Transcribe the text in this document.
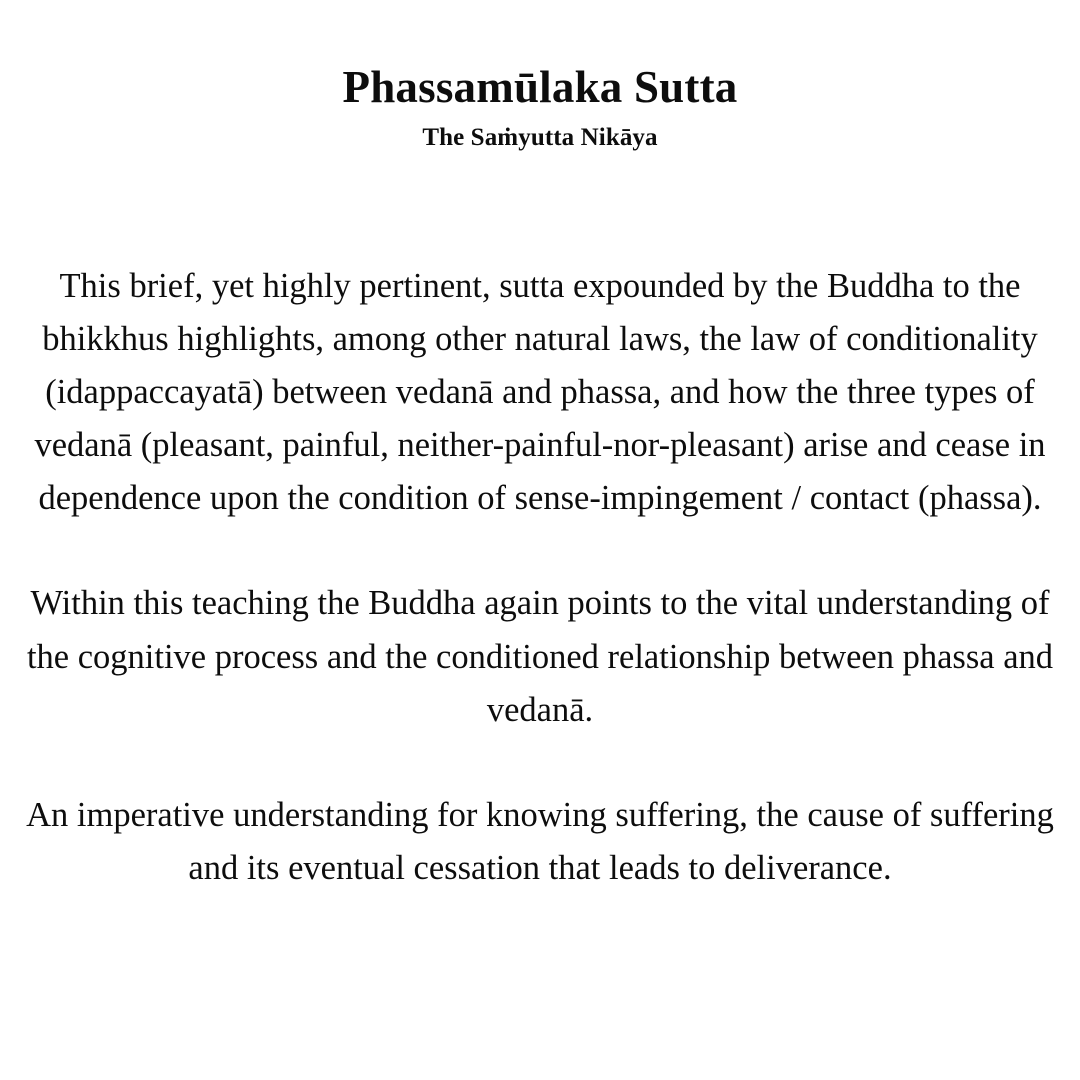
Phassamūlaka Sutta
The Saṁyutta Nikāya

This brief, yet highly pertinent, sutta expounded by the Buddha to the bhikkhus highlights, among other natural laws, the law of conditionality (idappaccayatā) between vedanā and phassa, and how the three types of vedanā (pleasant, painful, neither-painful-nor-pleasant) arise and cease in dependence upon the condition of sense-impingement / contact (phassa).

Within this teaching the Buddha again points to the vital understanding of the cognitive process and the conditioned relationship between phassa and vedanā.

An imperative understanding for knowing suffering, the cause of suffering and its eventual cessation that leads to deliverance.
